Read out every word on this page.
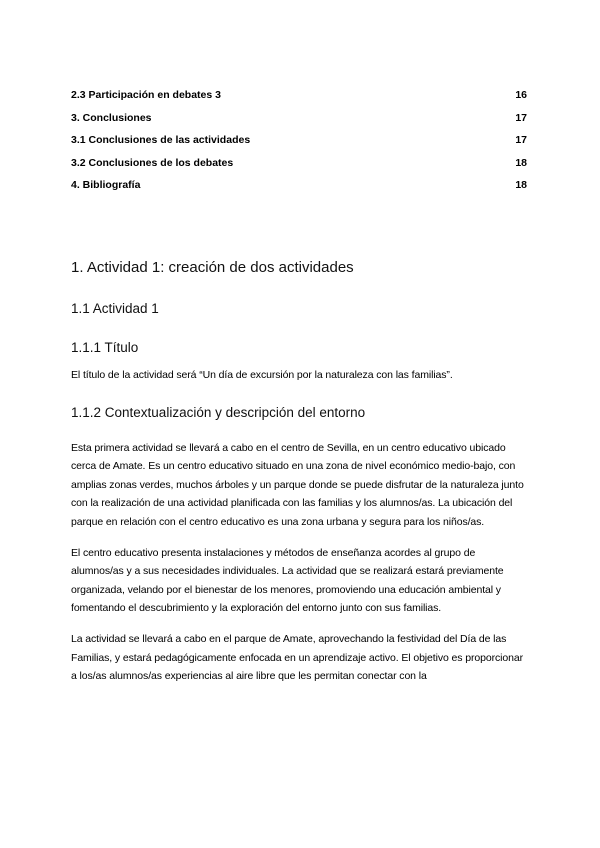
2.3 Participación en debates 3	16
3. Conclusiones	17
3.1 Conclusiones de las actividades	17
3.2 Conclusiones de los debates	18
4. Bibliografía	18
1. Actividad 1: creación de dos actividades
1.1 Actividad 1
1.1.1 Título

El título de la actividad será “Un día de excursión por la naturaleza con las familias”.

1.1.2 Contextualización y descripción del entorno

Esta primera actividad se llevará a cabo en el centro de Sevilla, en un centro educativo ubicado cerca de Amate. Es un centro educativo situado en una zona de nivel económico medio-bajo, con amplias zonas verdes, muchos árboles y un parque donde se puede disfrutar de la naturaleza junto con la realización de una actividad planificada con las familias y los alumnos/as. La ubicación del parque en relación con el centro educativo es una zona urbana y segura para los niños/as.

El centro educativo presenta instalaciones y métodos de enseñanza acordes al grupo de alumnos/as y a sus necesidades individuales. La actividad que se realizará estará previamente organizada, velando por el bienestar de los menores, promoviendo una educación ambiental y fomentando el descubrimiento y la exploración del entorno junto con sus familias.

La actividad se llevará a cabo en el parque de Amate, aprovechando la festividad del Día de las Familias, y estará pedagógicamente enfocada en un aprendizaje activo. El objetivo es proporcionar a los/as alumnos/as experiencias al aire libre que les permitan conectar con la
